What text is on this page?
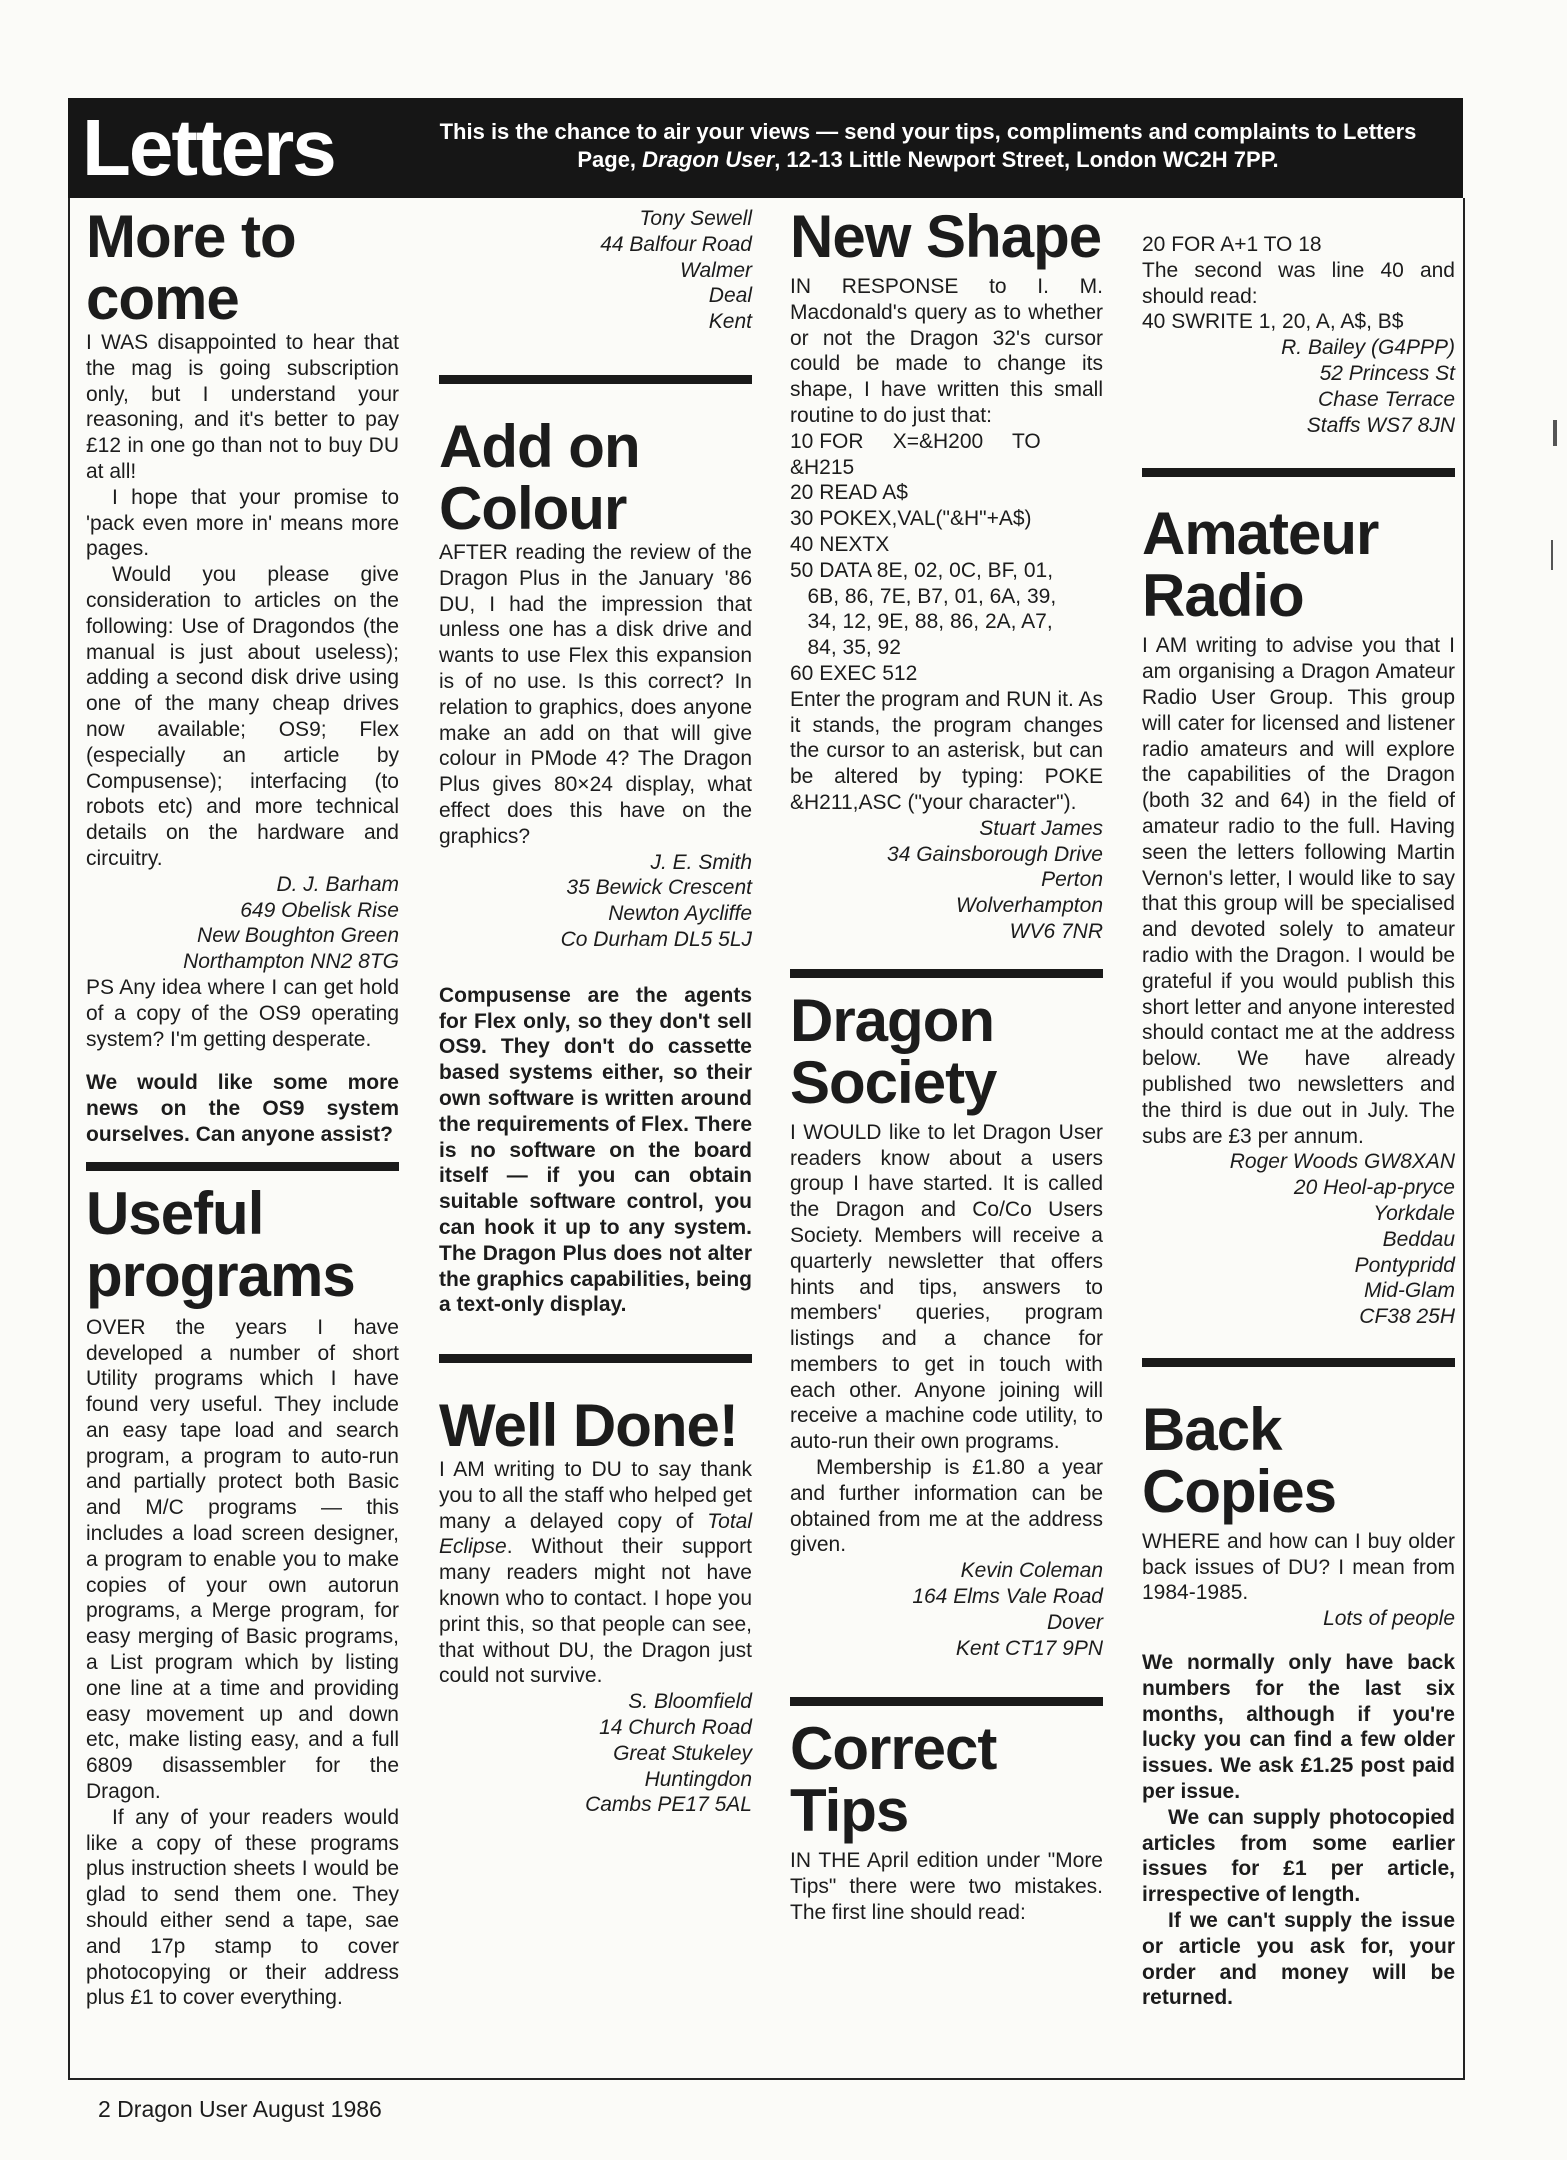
Letters	This is the chance to air your views — send your tips, compliments and complaints to Letters Page, Dragon User, 12-13 Little Newport Street, London WC2H 7PP.
More to come

I WAS disappointed to hear that the mag is going subscription only, but I understand your reasoning, and it's better to pay £12 in one go than not to buy DU at all!

I hope that your promise to 'pack even more in' means more pages.

Would you please give consideration to articles on the following: Use of Dragondos (the manual is just about useless); adding a second disk drive using one of the many cheap drives now available; OS9; Flex (especially an article by Compusense); interfacing (to robots etc) and more technical details on the hardware and circuitry.

D. J. Barham
649 Obelisk Rise
New Boughton Green
Northampton NN2 8TG

PS Any idea where I can get hold of a copy of the OS9 operating system? I'm getting desperate.

We would like some more news on the OS9 system ourselves. Can anyone assist?

Useful programs

OVER the years I have developed a number of short Utility programs which I have found very useful. They include an easy tape load and search program, a program to auto-run and partially protect both Basic and M/C programs — this includes a load screen designer, a program to enable you to make copies of your own autorun programs, a Merge program, for easy merging of Basic programs, a List program which by listing one line at a time and providing easy movement up and down etc, make listing easy, and a full 6809 disassembler for the Dragon.

If any of your readers would like a copy of these programs plus instruction sheets I would be glad to send them one. They should either send a tape, sae and 17p stamp to cover photocopying or their address plus £1 to cover everything.

Tony Sewell
44 Balfour Road
Walmer
Deal
Kent
Add on Colour

AFTER reading the review of the Dragon Plus in the January '86 DU, I had the impression that unless one has a disk drive and wants to use Flex this expansion is of no use. Is this correct? In relation to graphics, does anyone make an add on that will give colour in PMode 4? The Dragon Plus gives 80×24 display, what effect does this have on the graphics?

J. E. Smith
35 Bewick Crescent
Newton Aycliffe
Co Durham DL5 5LJ

Compusense are the agents for Flex only, so they don't sell OS9. They don't do cassette based systems either, so their own software is written around the requirements of Flex. There is no software on the board itself — if you can obtain suitable software control, you can hook it up to any system. The Dragon Plus does not alter the graphics capabilities, being a text-only display.

Well Done!

I AM writing to DU to say thank you to all the staff who helped get many a delayed copy of Total Eclipse. Without their support many readers might not have known who to contact. I hope you print this, so that people can see, that without DU, the Dragon just could not survive.

S. Bloomfield
14 Church Road
Great Stukeley
Huntingdon
Cambs PE17 5AL
New Shape

IN RESPONSE to I. M. Macdonald's query as to whether or not the Dragon 32's cursor could be made to change its shape, I have written this small routine to do just that:

10 FOR     X=&H200     TO
&H215
20 READ A$
30 POKEX,VAL("&H"+A$)
40 NEXTX
50 DATA 8E, 02, 0C, BF, 01,
6B, 86, 7E, B7, 01, 6A, 39,
34, 12, 9E, 88, 86, 2A, A7,
84, 35, 92
60 EXEC 512

Enter the program and RUN it. As it stands, the program changes the cursor to an asterisk, but can be altered by typing: POKE &H211,ASC ("your character").

Stuart James
34 Gainsborough Drive
Perton
Wolverhampton
WV6 7NR
Dragon Society

I WOULD like to let Dragon User readers know about a users group I have started. It is called the Dragon and Co/Co Users Society. Members will receive a quarterly newsletter that offers hints and tips, answers to members' queries, program listings and a chance for members to get in touch with each other. Anyone joining will receive a machine code utility, to auto-run their own programs.

Membership is £1.80 a year and further information can be obtained from me at the address given.

Kevin Coleman
164 Elms Vale Road
Dover
Kent CT17 9PN
Correct Tips

IN THE April edition under "More Tips" there were two mistakes. The first line should read:

20 FOR A+1 TO 18

The second was line 40 and should read:

40 SWRITE 1, 20, A, A$, B$
R. Bailey (G4PPP)
52 Princess St
Chase Terrace
Staffs WS7 8JN
Amateur Radio

I AM writing to advise you that I am organising a Dragon Amateur Radio User Group. This group will cater for licensed and listener radio amateurs and will explore the capabilities of the Dragon (both 32 and 64) in the field of amateur radio to the full. Having seen the letters following Martin Vernon's letter, I would like to say that this group will be specialised and devoted solely to amateur radio with the Dragon. I would be grateful if you would publish this short letter and anyone interested should contact me at the address below. We have already published two newsletters and the third is due out in July. The subs are £3 per annum.

Roger Woods GW8XAN
20 Heol-ap-pryce
Yorkdale
Beddau
Pontypridd
Mid-Glam
CF38 25H
Back Copies

WHERE and how can I buy older back issues of DU? I mean from 1984-1985.

Lots of people

We normally only have back numbers for the last six months, although if you're lucky you can find a few older issues. We ask £1.25 post paid per issue.

We can supply photocopied articles from some earlier issues for £1 per article, irrespective of length.

If we can't supply the issue or article you ask for, your order and money will be returned.

2 Dragon User August 1986
